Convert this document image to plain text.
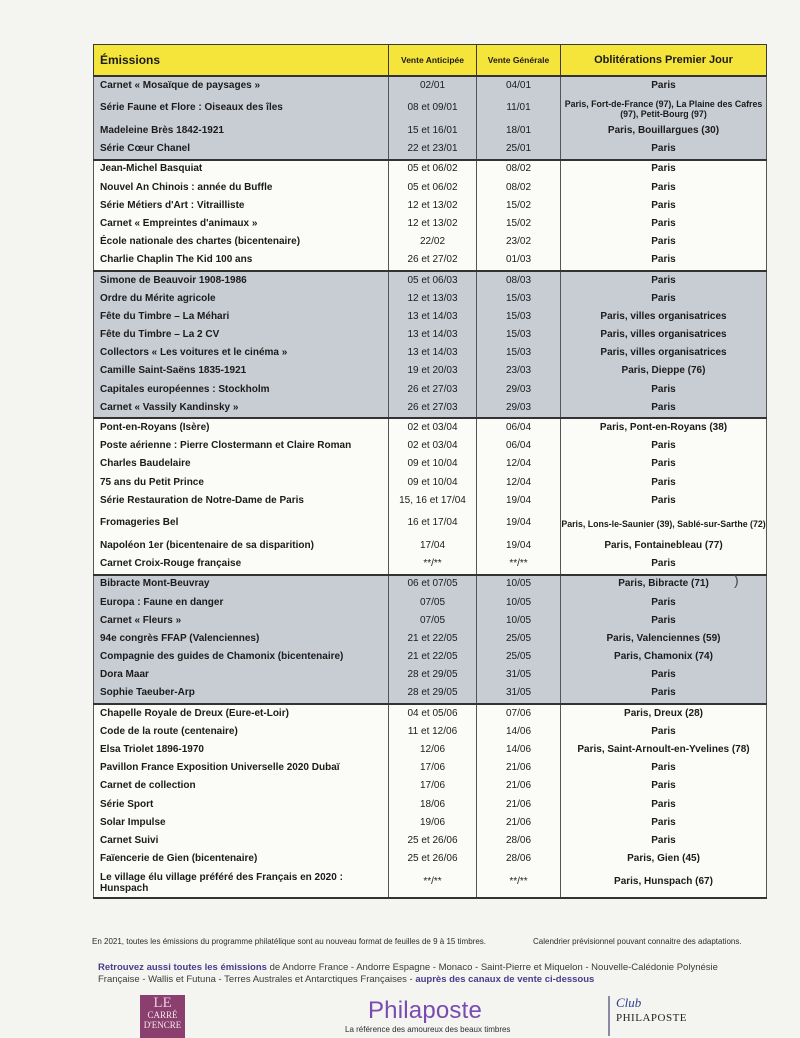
Émissions	Vente Anticipée	Vente Générale	Oblitérations Premier Jour
Carnet « Mosaïque de paysages »	02/01	04/01	Paris
Série Faune et Flore : Oiseaux des îles	08 et 09/01	11/01	Paris, Fort-de-France (97), La Plaine des Cafres (97), Petit-Bourg (97)
Madeleine Brès 1842-1921	15 et 16/01	18/01	Paris, Bouillargues (30)
Série Cœur Chanel	22 et 23/01	25/01	Paris
Jean-Michel Basquiat	05 et 06/02	08/02	Paris
Nouvel An Chinois : année du Buffle	05 et 06/02	08/02	Paris
Série Métiers d'Art : Vitrailliste	12 et 13/02	15/02	Paris
Carnet « Empreintes d'animaux »	12 et 13/02	15/02	Paris
École nationale des chartes (bicentenaire)	22/02	23/02	Paris
Charlie Chaplin The Kid 100 ans	26 et 27/02	01/03	Paris
Simone de Beauvoir 1908-1986	05 et 06/03	08/03	Paris
Ordre du Mérite agricole	12 et 13/03	15/03	Paris
Fête du Timbre – La Méhari	13 et 14/03	15/03	Paris, villes organisatrices
Fête du Timbre – La 2 CV	13 et 14/03	15/03	Paris, villes organisatrices
Collectors « Les voitures et le cinéma »	13 et 14/03	15/03	Paris, villes organisatrices
Camille Saint-Saëns 1835-1921	19 et 20/03	23/03	Paris, Dieppe (76)
Capitales européennes : Stockholm	26 et 27/03	29/03	Paris
Carnet « Vassily Kandinsky »	26 et 27/03	29/03	Paris
Pont-en-Royans (Isère)	02 et 03/04	06/04	Paris, Pont-en-Royans (38)
Poste aérienne : Pierre Clostermann et Claire Roman	02 et 03/04	06/04	Paris
Charles Baudelaire	09 et 10/04	12/04	Paris
75 ans du Petit Prince	09 et 10/04	12/04	Paris
Série Restauration de Notre-Dame de Paris	15, 16 et 17/04	19/04	Paris
Fromageries Bel	16 et 17/04	19/04	Paris, Lons-le-Saunier (39), Sablé-sur-Sarthe (72)
Napoléon 1er (bicentenaire de sa disparition)	17/04	19/04	Paris, Fontainebleau (77)
Carnet Croix-Rouge française	**/**	**/**	Paris
Bibracte Mont-Beuvray	06 et 07/05	10/05	Paris, Bibracte (71)
Europa : Faune en danger	07/05	10/05	Paris
Carnet « Fleurs »	07/05	10/05	Paris
94e congrès FFAP (Valenciennes)	21 et 22/05	25/05	Paris, Valenciennes (59)
Compagnie des guides de Chamonix (bicentenaire)	21 et 22/05	25/05	Paris, Chamonix (74)
Dora Maar	28 et 29/05	31/05	Paris
Sophie Taeuber-Arp	28 et 29/05	31/05	Paris
Chapelle Royale de Dreux (Eure-et-Loir)	04 et 05/06	07/06	Paris, Dreux (28)
Code de la route (centenaire)	11 et 12/06	14/06	Paris
Elsa Triolet 1896-1970	12/06	14/06	Paris, Saint-Arnoult-en-Yvelines (78)
Pavillon France Exposition Universelle 2020 Dubaï	17/06	21/06	Paris
Carnet de collection	17/06	21/06	Paris
Série Sport	18/06	21/06	Paris
Solar Impulse	19/06	21/06	Paris
Carnet Suivi	25 et 26/06	28/06	Paris
Faïencerie de Gien (bicentenaire)	25 et 26/06	28/06	Paris, Gien (45)
Le village élu village préféré des Français en 2020 : Hunspach	**/**	**/**	Paris, Hunspach (67)
)
En 2021, toutes les émissions du programme philatélique sont au nouveau format de feuilles de 9 à 15 timbres.	Calendrier prévisionnel pouvant connaitre des adaptations.
Retrouvez aussi toutes les émissions de Andorre France - Andorre Espagne - Monaco - Saint-Pierre et Miquelon - Nouvelle-Calédonie Polynésie Française - Wallis et Futuna - Terres Australes et Antarctiques Françaises - auprès des canaux de vente ci-dessous
LE
CARRÉ
D'ENCRE
Philaposte
La référence des amoureux des beaux timbres
Club
PHILAPOSTE
